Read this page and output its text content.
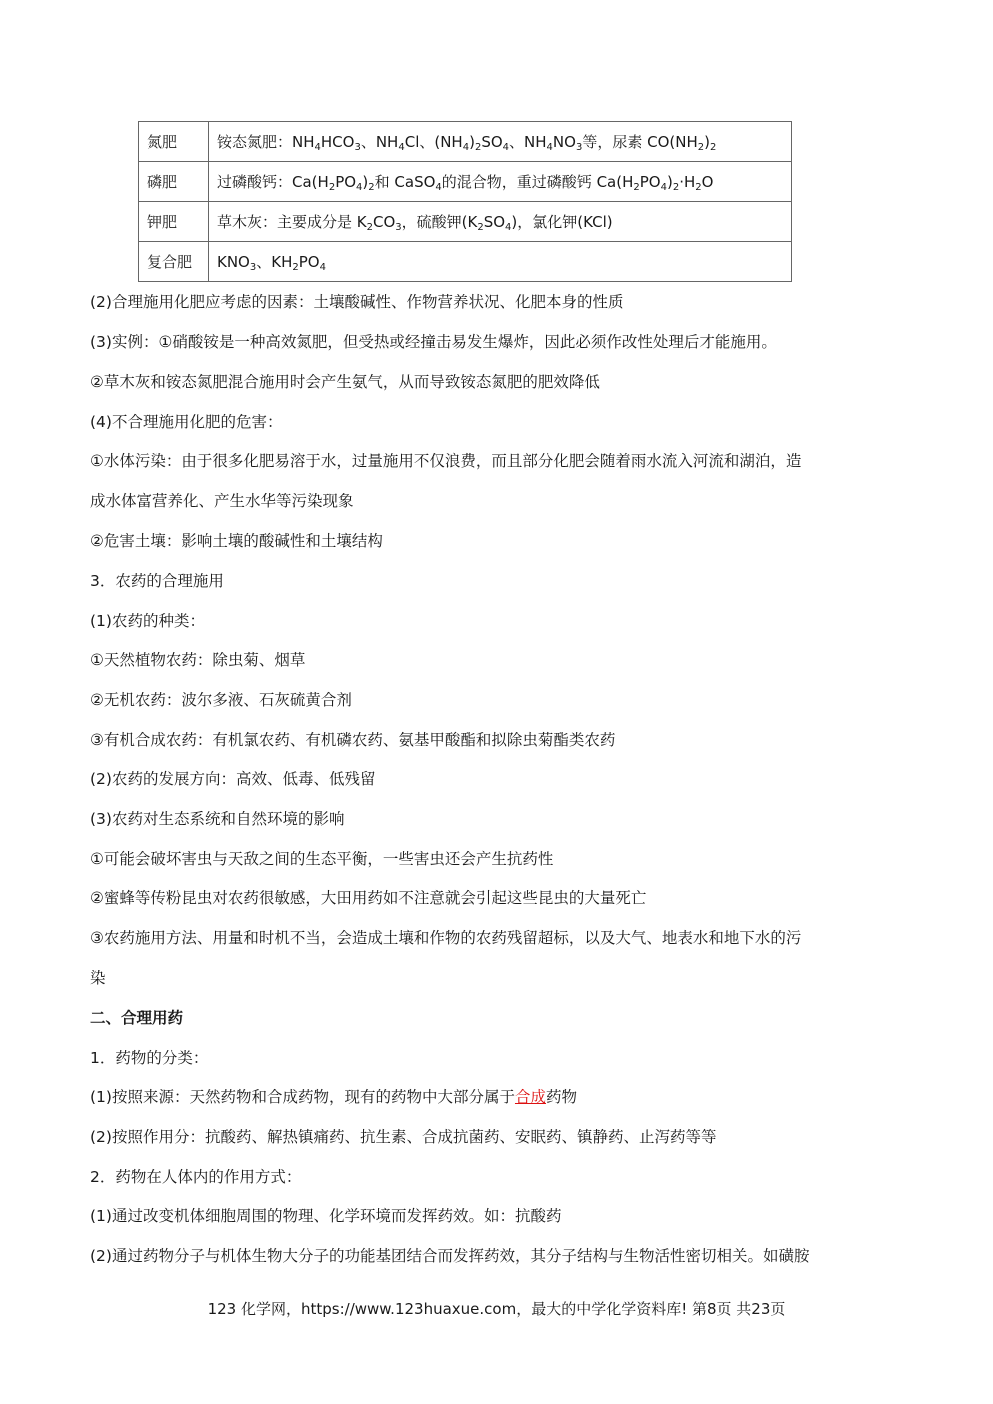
氮肥	铵态氮肥：$NH_4HCO_3$、$NH_4Cl$、$(NH_4)_2SO_4$、$NH_4NO_3$等，尿素 $CO(NH_2)_2$
磷肥	过磷酸钙：$Ca(H_2PO_4)_2$和 CaSO$_4$的混合物，重过磷酸钙 $Ca(H_2PO_4)_2\cdot H_2O$
钾肥	草木灰：主要成分是 $K_2CO_3$，硫酸钾$(K_2SO_4)$，氯化钾(KCl)
复合肥	$KNO_3$、$KH_2PO_4$
(2)合理施用化肥应考虑的因素：土壤酸碱性、作物营养状况、化肥本身的性质
(3)实例：①硝酸铵是一种高效氮肥，但受热或经撞击易发生爆炸，因此必须作改性处理后才能施用。
②草木灰和铵态氮肥混合施用时会产生氨气，从而导致铵态氮肥的肥效降低
(4)不合理施用化肥的危害：
①水体污染：由于很多化肥易溶于水，过量施用不仅浪费，而且部分化肥会随着雨水流入河流和湖泊，造
成水体富营养化、产生水华等污染现象
②危害土壤：影响土壤的酸碱性和土壤结构
3．农药的合理施用
(1)农药的种类：
①天然植物农药：除虫菊、烟草
②无机农药：波尔多液、石灰硫黄合剂
③有机合成农药：有机氯农药、有机磷农药、氨基甲酸酯和拟除虫菊酯类农药
(2)农药的发展方向：高效、低毒、低残留
(3)农药对生态系统和自然环境的影响
①可能会破坏害虫与天敌之间的生态平衡，一些害虫还会产生抗药性
②蜜蜂等传粉昆虫对农药很敏感，大田用药如不注意就会引起这些昆虫的大量死亡
③农药施用方法、用量和时机不当，会造成土壤和作物的农药残留超标，以及大气、地表水和地下水的污
染
二、合理用药
1．药物的分类：
(1)按照来源：天然药物和合成药物，现有的药物中大部分属于合成药物
(2)按照作用分：抗酸药、解热镇痛药、抗生素、合成抗菌药、安眠药、镇静药、止泻药等等
2．药物在人体内的作用方式：
(1)通过改变机体细胞周围的物理、化学环境而发挥药效。如：抗酸药
(2)通过药物分子与机体生物大分子的功能基团结合而发挥药效，其分子结构与生物活性密切相关。如磺胺
123 化学网，https://www.123huaxue.com，最大的中学化学资料库! 第8页 共23页
